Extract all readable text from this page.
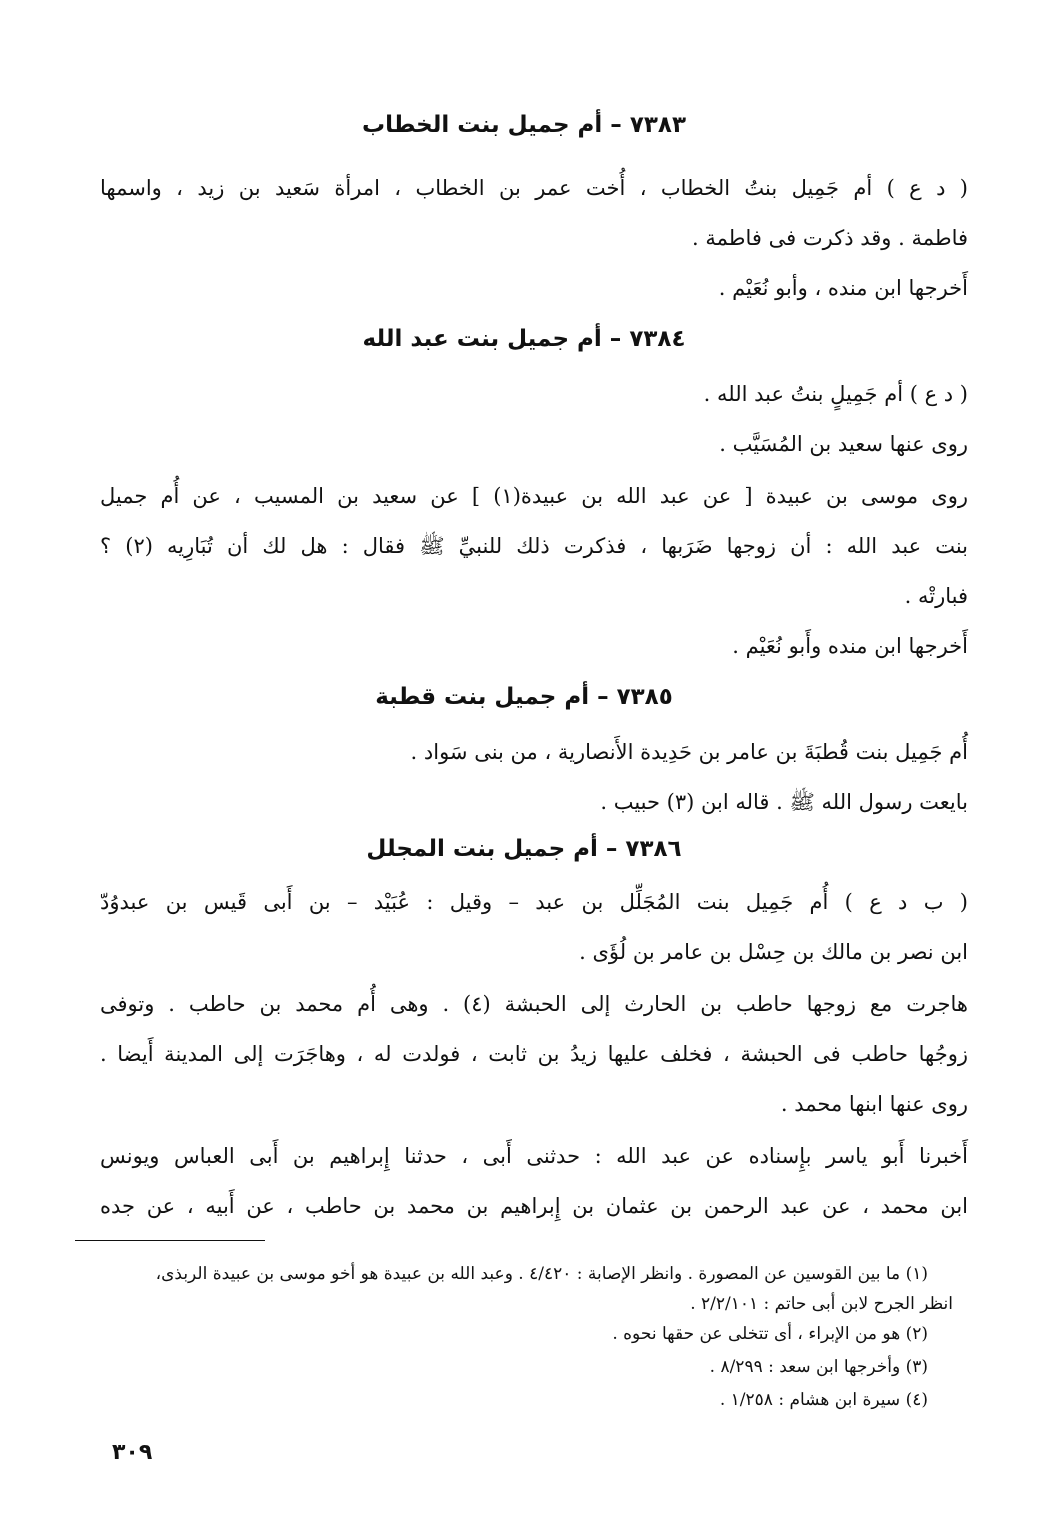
٧٣٨٣ – أم جميل بنت الخطاب
( د ع ) أم جَمِيل بنتُ الخطاب ، أُخت عمر بن الخطاب ، امرأة سَعيد بن زيد ، واسمها
فاطمة . وقد ذكرت فى فاطمة .
أَخرجها ابن منده ، وأبو نُعَيْم .
٧٣٨٤ – أم جميل بنت عبد الله
( د ع ) أم جَمِيلٍ بنتُ عبد الله .
روى عنها سعيد بن المُسَيَّب .
روى موسى بن عبيدة [ عن عبد الله بن عبيدة(١) ] عن سعيد بن المسيب ، عن أُم جميل
بنت عبد الله : أن زوجها ضَرَبها ، فذكرت ذلك للنبيِّ ﷺ فقال : هل لك أن تُبَارِيه (٢) ؟
فبارتْه .
أَخرجها ابن منده وأَبو نُعَيْم .
٧٣٨٥ – أم جميل بنت قطبة
أُم جَمِيل بنت قُطبَةَ بن عامر بن حَدِيدة الأَنصارية ، من بنى سَواد .
بايعت رسول الله ﷺ . قاله ابن (٣) حبيب .
٧٣٨٦ – أم جميل بنت المجلل
( ب د ع ) أُم جَمِيل بنت المُجَلِّل بن عبد – وقيل : عُبَيْد – بن أَبى قَيس بن عبدوُدّ
ابن نصر بن مالك بن حِسْل بن عامر بن لُؤَى .
هاجرت مع زوجها حاطب بن الحارث إلى الحبشة (٤) . وهى أُم محمد بن حاطب . وتوفى
زوجُها حاطب فى الحبشة ، فخلف عليها زيدُ بن ثابت ، فولدت له ، وهاجَرَت إلى المدينة أَيضا .
روى عنها ابنها محمد .
أَخبرنا أَبو ياسر بإِسناده عن عبد الله : حدثنى أَبى ، حدثنا إِبراهيم بن أَبى العباس ويونس
ابن محمد ، عن عبد الرحمن بن عثمان بن إِبراهيم بن محمد بن حاطب ، عن أَبيه ، عن جده
(١) ما بين القوسين عن المصورة . وانظر الإصابة : ٤/٤٢٠ . وعبد الله بن عبيدة هو أخو موسى بن عبيدة الربذى،
انظر الجرح لابن أبى حاتم : ٢/٢/١٠١ .
(٢) هو من الإبراء ، أى تتخلى عن حقها نحوه .
(٣) وأخرجها ابن سعد : ٨/٢٩٩ .
(٤) سيرة ابن هشام : ١/٢٥٨ .
٣٠٩
